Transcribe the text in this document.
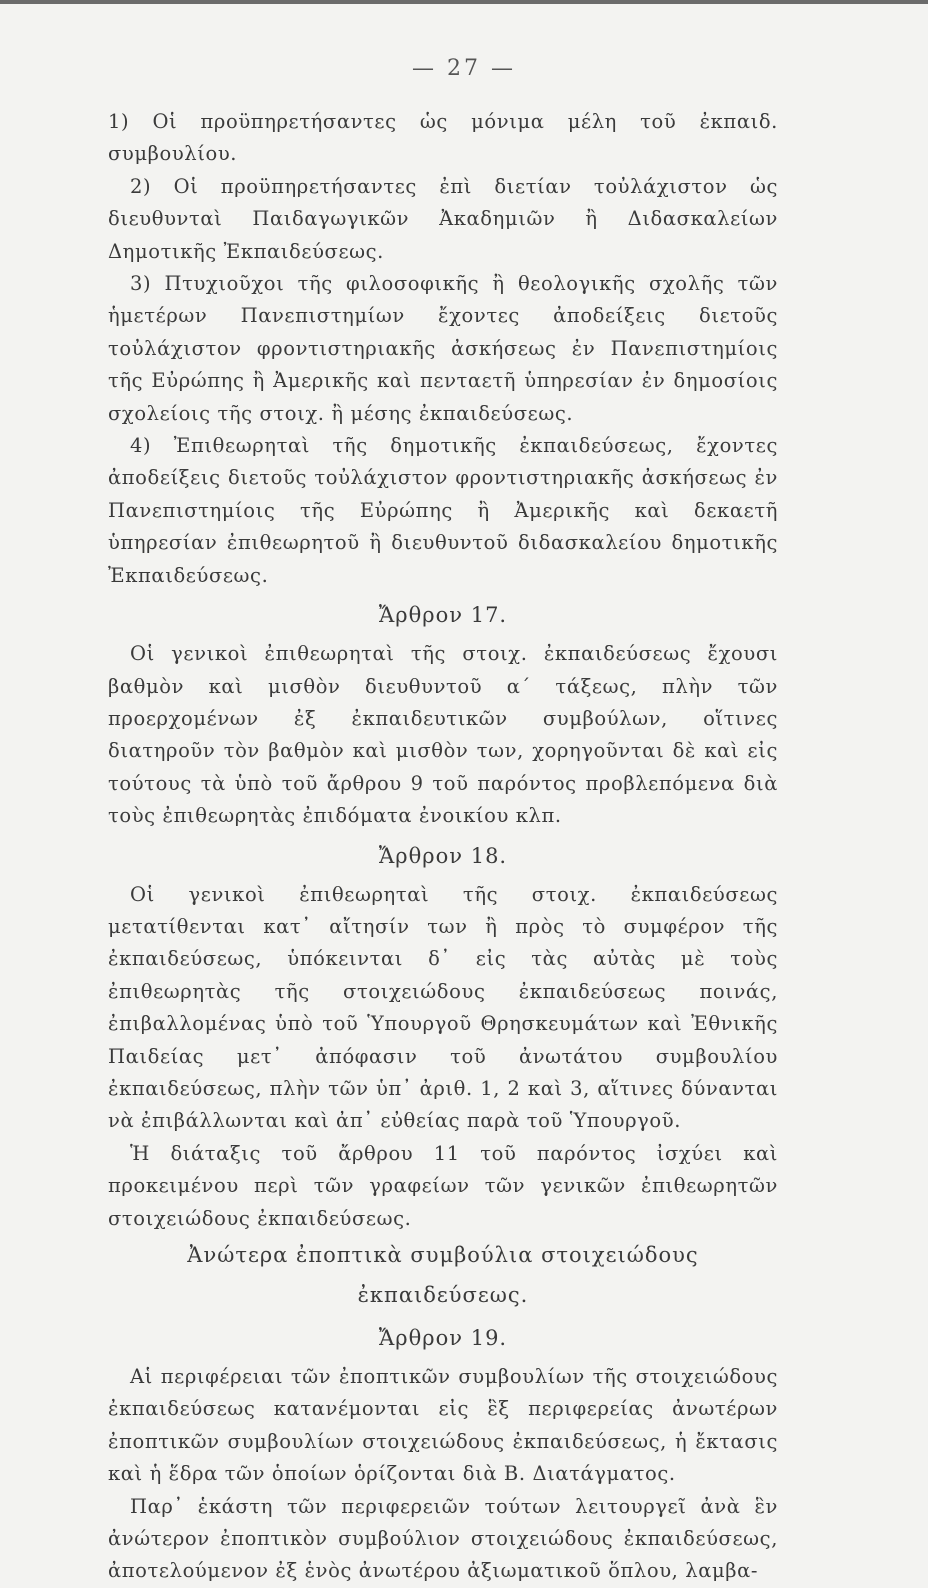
— 27 —

1) Οἱ προϋπηρετήσαντες ὡς μόνιμα μέλη τοῦ ἐκπαιδ. συμβουλίου.

2) Οἱ προϋπηρετήσαντες ἐπὶ διετίαν τοὐλάχιστον ὡς διευθυνταὶ Παιδαγωγικῶν Ἀκαδημιῶν ἢ Διδασκαλείων Δημοτικῆς Ἐκπαιδεύσεως.

3) Πτυχιοῦχοι τῆς φιλοσοφικῆς ἢ θεολογικῆς σχολῆς τῶν ἡμετέρων Πανεπιστημίων ἔχοντες ἀποδείξεις διετοῦς τοὐλάχιστον φροντιστηριακῆς ἀσκήσεως ἐν Πανεπιστημίοις τῆς Εὐρώπης ἢ Ἀμερικῆς καὶ πενταετῆ ὑπηρεσίαν ἐν δημοσίοις σχολείοις τῆς στοιχ. ἢ μέσης ἐκπαιδεύσεως.

4) Ἐπιθεωρηταὶ τῆς δημοτικῆς ἐκπαιδεύσεως, ἔχοντες ἀποδείξεις διετοῦς τοὐλάχιστον φροντιστηριακῆς ἀσκήσεως ἐν Πανεπιστημίοις τῆς Εὐρώπης ἢ Ἀμερικῆς καὶ δεκαετῆ ὑπηρεσίαν ἐπιθεωρητοῦ ἢ διευθυντοῦ διδασκαλείου δημοτικῆς Ἐκπαιδεύσεως.

Ἄρθρον 17.

Οἱ γενικοὶ ἐπιθεωρηταὶ τῆς στοιχ. ἐκπαιδεύσεως ἔχουσι βαθμὸν καὶ μισθὸν διευθυντοῦ α΄ τάξεως, πλὴν τῶν προερχομένων ἐξ ἐκπαιδευτικῶν συμβούλων, οἵτινες διατηροῦν τὸν βαθμὸν καὶ μισθὸν των, χορηγοῦνται δὲ καὶ εἰς τούτους τὰ ὑπὸ τοῦ ἄρθρου 9 τοῦ παρόντος προβλεπόμενα διὰ τοὺς ἐπιθεωρητὰς ἐπιδόματα ἐνοικίου κλπ.

Ἄρθρον 18.

Οἱ γενικοὶ ἐπιθεωρηταὶ τῆς στοιχ. ἐκπαιδεύσεως μετατίθενται κατ᾿ αἴτησίν των ἢ πρὸς τὸ συμφέρον τῆς ἐκπαιδεύσεως, ὑπόκεινται δ᾿ εἰς τὰς αὐτὰς μὲ τοὺς ἐπιθεωρητὰς τῆς στοιχειώδους ἐκπαιδεύσεως ποινάς, ἐπιβαλλομένας ὑπὸ τοῦ Ὑπουργοῦ Θρησκευμάτων καὶ Ἐθνικῆς Παιδείας μετ᾿ ἀπόφασιν τοῦ ἀνωτάτου συμβουλίου ἐκπαιδεύσεως, πλὴν τῶν ὑπ᾿ ἀριθ. 1, 2 καὶ 3, αἵτινες δύνανται νὰ ἐπιβάλλωνται καὶ ἀπ᾿ εὐθείας παρὰ τοῦ Ὑπουργοῦ.

Ἡ διάταξις τοῦ ἄρθρου 11 τοῦ παρόντος ἰσχύει καὶ προκειμένου περὶ τῶν γραφείων τῶν γενικῶν ἐπιθεωρητῶν στοιχειώδους ἐκπαιδεύσεως.

Ἀνώτερα ἐποπτικὰ συμβούλια στοιχειώδους ἐκπαιδεύσεως.
Ἄρθρον 19.

Αἱ περιφέρειαι τῶν ἐποπτικῶν συμβουλίων τῆς στοιχειώδους ἐκπαιδεύσεως κατανέμονται εἰς ἓξ περιφερείας ἀνωτέρων ἐποπτικῶν συμβουλίων στοιχειώδους ἐκπαιδεύσεως, ἡ ἔκτασις καὶ ἡ ἕδρα τῶν ὁποίων ὁρίζονται διὰ Β. Διατάγματος.

Παρ᾿ ἑκάστη τῶν περιφερειῶν τούτων λειτουργεῖ ἀνὰ ἓν ἀνώτερον ἐποπτικὸν συμβούλιον στοιχειώδους ἐκπαιδεύσεως, ἀποτελούμενον ἐξ ἑνὸς ἀνωτέρου ἀξιωματικοῦ ὅπλου, λαμβα-
